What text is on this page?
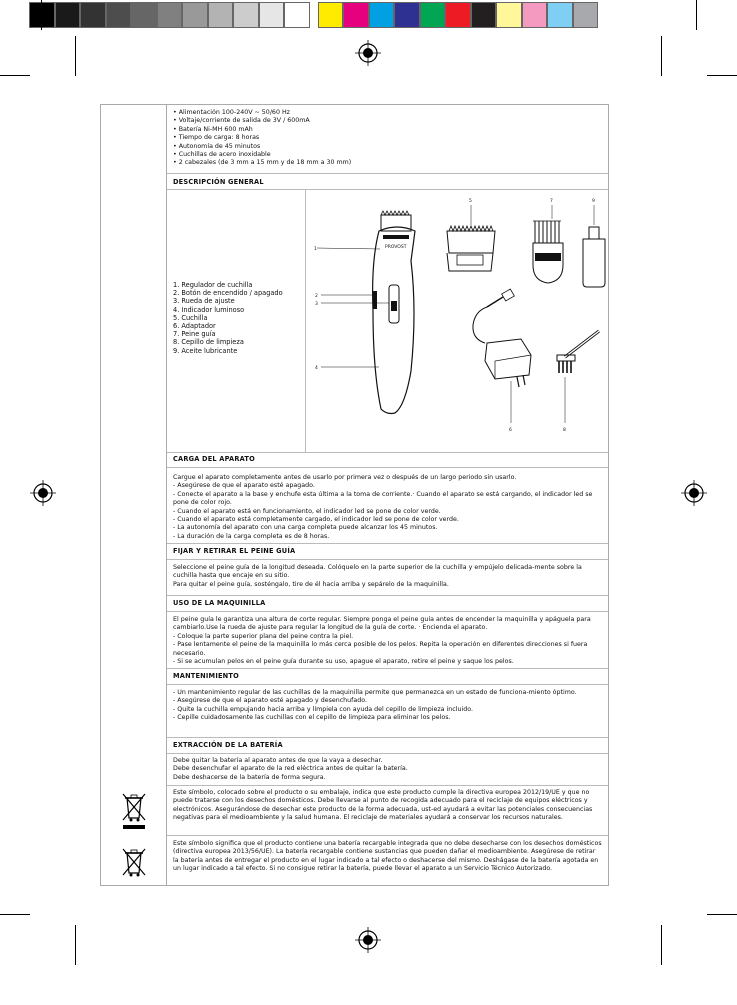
• Alimentación 100-240V ~ 50/60 Hz

• Voltaje/corriente de salida de 3V / 600mA

• Batería Ni-MH 600 mAh

• Tiempo de carga: 8 horas

• Autonomía de 45 minutos

• Cuchillas de acero inoxidable

• 2 cabezales (de 3 mm a 15 mm y de 18 mm a 30 mm)

DESCRIPCIÓN GENERAL
1. Regulador de cuchilla
2. Botón de encendido / apagado
3. Rueda de ajuste
4. Indicador luminoso
5. Cuchilla
6. Adaptador
7. Peine guía
8. Cepillo de limpieza
9. Aceite lubricante
PROVOST
1
2
3
4
5	7	9
6	8
CARGA DEL APARATO

Cargue el aparato completamente antes de usarlo por primera vez o después de un largo periodo sin usarlo.

- Asegúrese de que el aparato esté apagado.

- Conecte el aparato a la base y enchufe esta última a la toma de corriente.· Cuando el aparato se está cargando, el indicador led se pone de color rojo.

- Cuando el aparato está en funcionamiento, el indicador led se pone de color verde.

- Cuando el aparato está completamente cargado, el indicador led se pone de color verde.

- La autonomía del aparato con una carga completa puede alcanzar los 45 minutos.

- La duración de la carga completa es de 8 horas.

FIJAR Y RETIRAR EL PEINE GUÍA

Seleccione el peine guía de la longitud deseada. Colóquelo en la parte superior de la cuchilla y empújelo delicada-mente sobre la cuchilla hasta que encaje en su sitio.

Para quitar el peine guía, sosténgalo, tire de él hacia arriba y sepárelo de la maquinilla.

USO DE LA MAQUINILLA

El peine guía le garantiza una altura de corte regular. Siempre ponga el peine guía antes de encender la maquinilla y apáguela para cambiarlo.Use la rueda de ajuste para regular la longitud de la guía de corte. · Encienda el aparato.

- Coloque la parte superior plana del peine contra la piel.

- Pase lentamente el peine de la maquinilla lo más cerca posible de los pelos. Repita la operación en diferentes direcciones si fuera necesario.

- Si se acumulan pelos en el peine guía durante su uso, apague el aparato, retire el peine y saque los pelos.

MANTENIMIENTO

- Un mantenimiento regular de las cuchillas de la maquinilla permite que permanezca en un estado de funciona-miento óptimo.

- Asegúrese de que el aparato esté apagado y desenchufado.

- Quite la cuchilla empujando hacia arriba y límpiela con ayuda del cepillo de limpieza incluido.

- Cepille cuidadosamente las cuchillas con el cepillo de limpieza para eliminar los pelos.

EXTRACCIÓN DE LA BATERÍA

Debe quitar la batería al aparato antes de que la vaya a desechar.

Debe desenchufar el aparato de la red eléctrica antes de quitar la batería.

Debe deshacerse de la batería de forma segura.

Este símbolo, colocado sobre el producto o su embalaje, indica que este producto cumple la directiva europea 2012/19/UE y que no puede tratarse con los desechos domésticos. Debe llevarse al punto de recogida adecuado para el reciclaje de equipos eléctricos y electrónicos. Asegurándose de desechar este producto de la forma adecuada, ust-ed ayudará a evitar las potenciales consecuencias negativas para el medioambiente y la salud humana. El reciclaje de materiales ayudará a conservar los recursos naturales.

Este símbolo significa que el producto contiene una batería recargable integrada que no debe desecharse con los desechos domésticos (directiva europea 2013/56/UE). La batería recargable contiene sustancias que pueden dañar el medioambiente. Asegúrese de retirar la batería antes de entregar el producto en el lugar indicado a tal efecto o deshacerse del mismo. Deshágase de la batería agotada en un lugar indicado a tal efecto. Si no consigue retirar la batería, puede llevar el aparato a un Servicio Técnico Autorizado.
